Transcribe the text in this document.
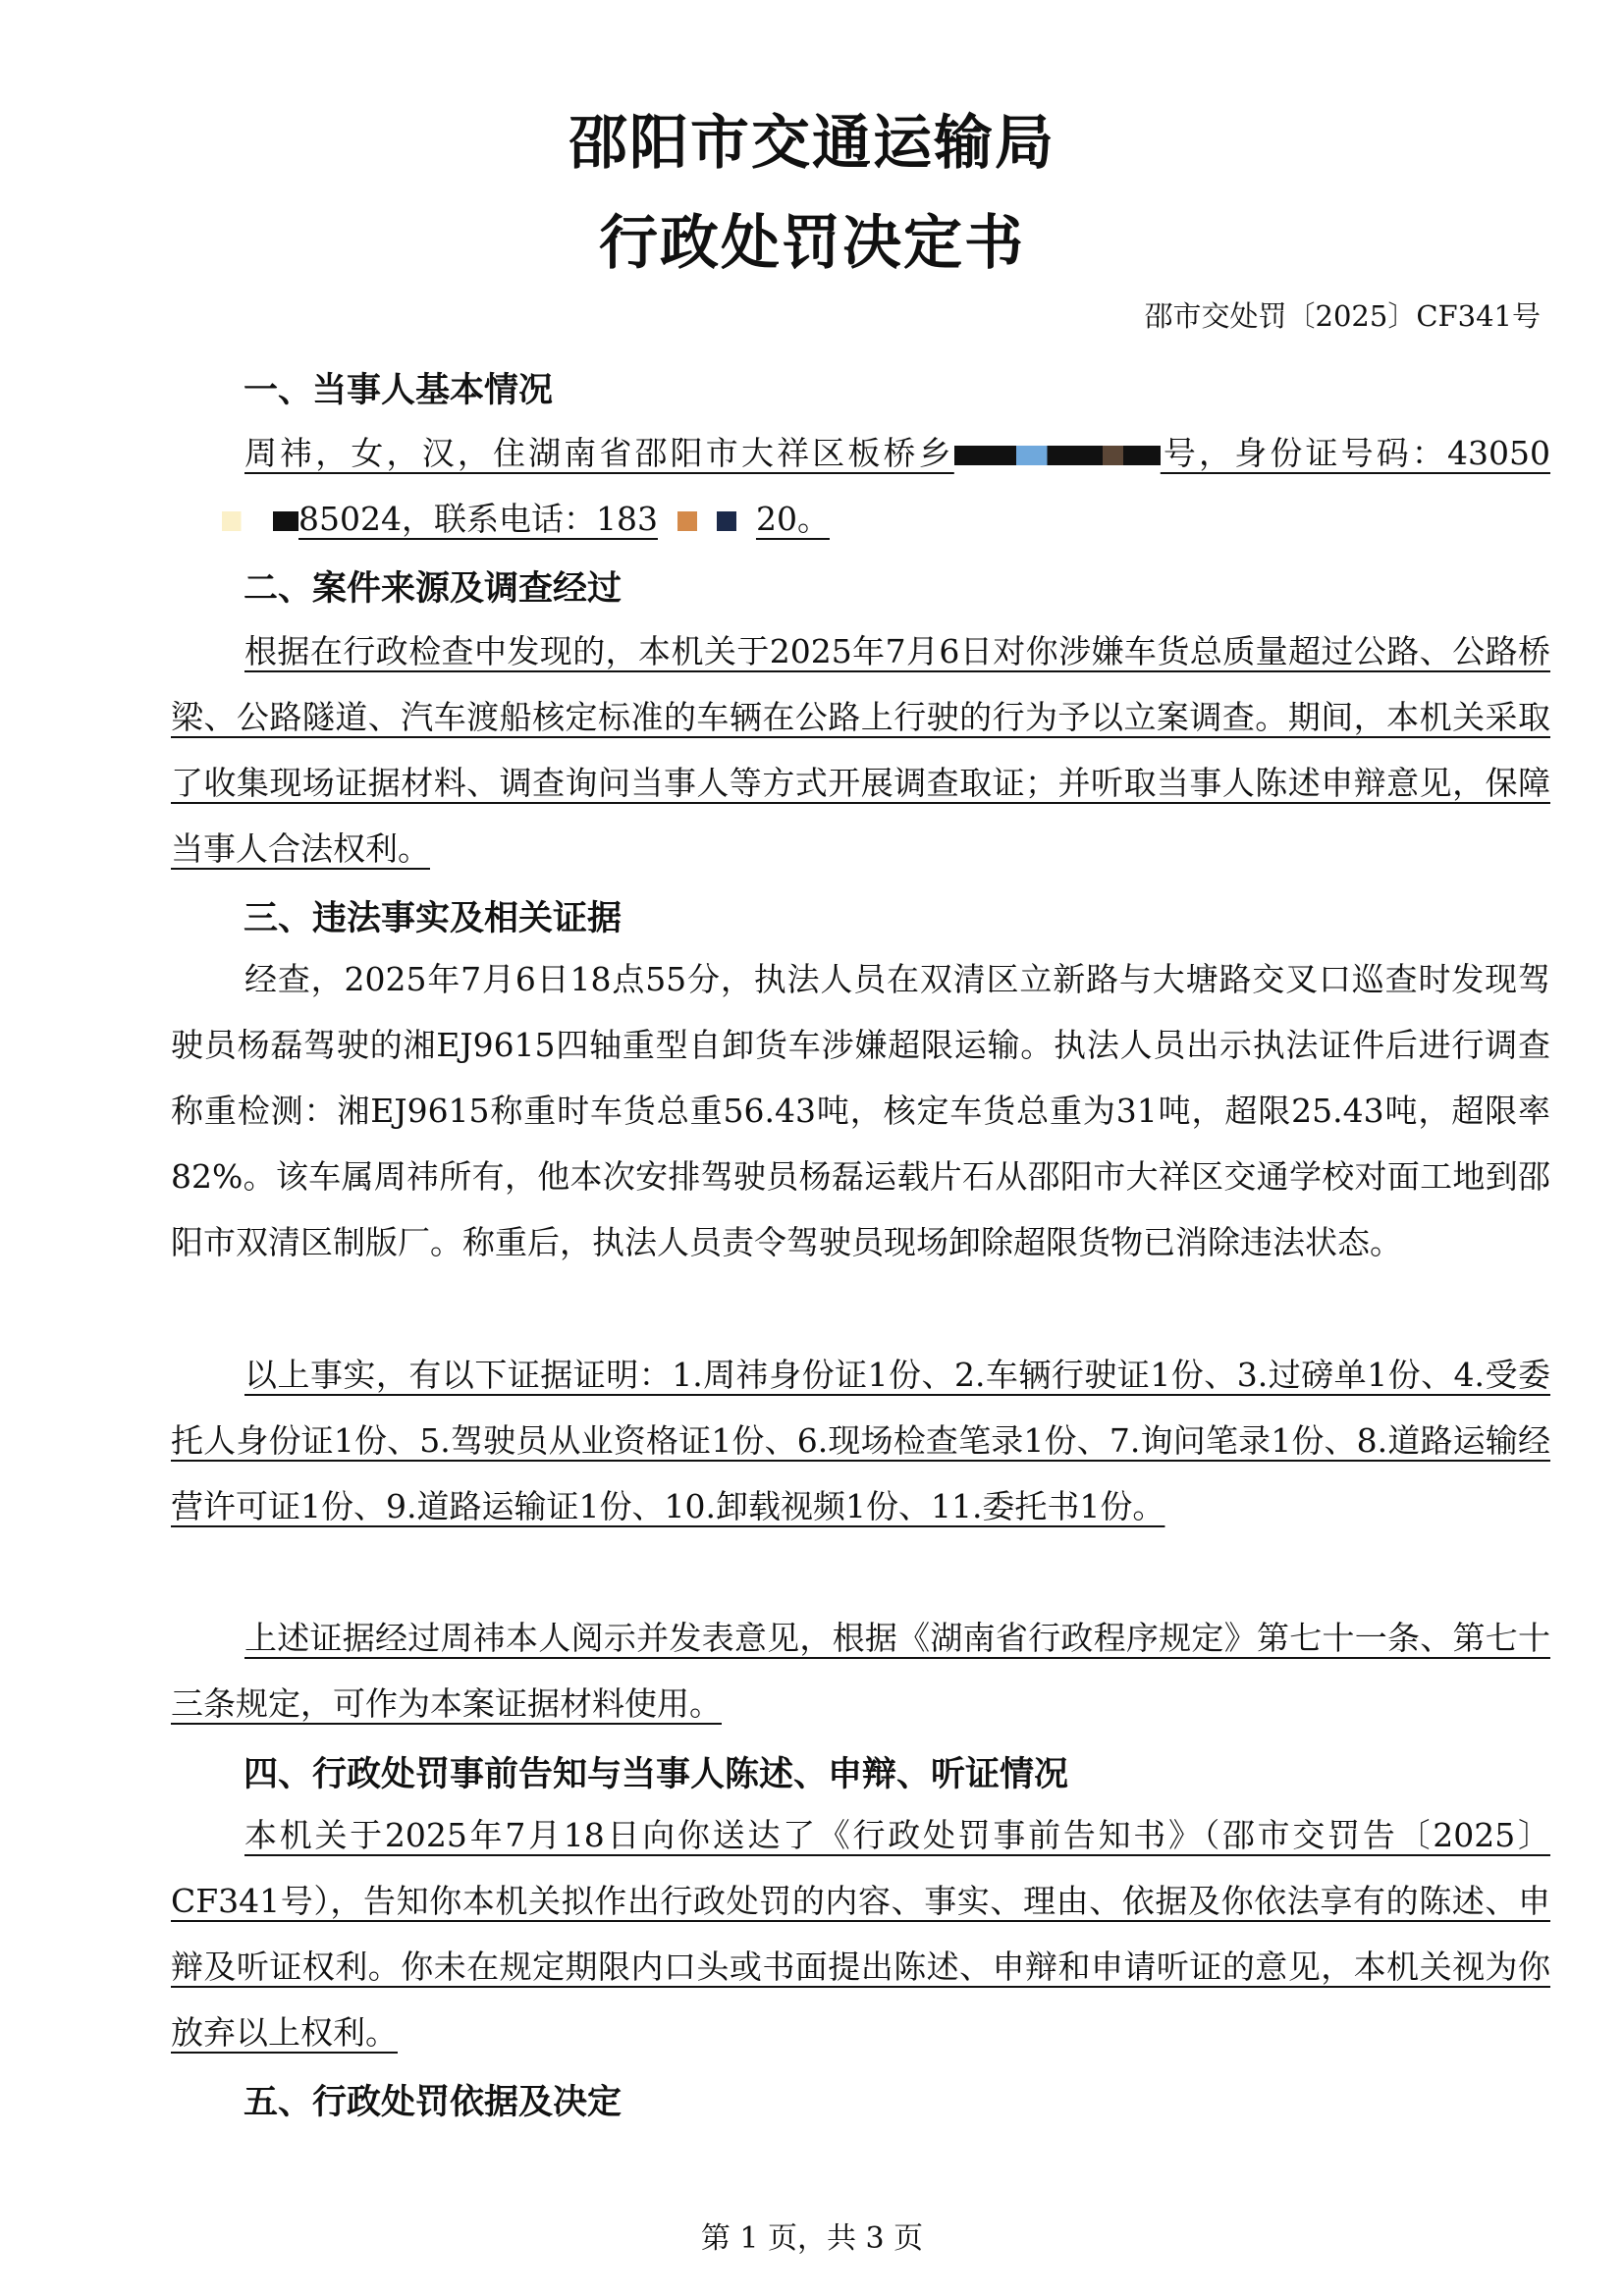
邵阳市交通运输局
行政处罚决定书
邵市交处罚〔2025〕CF341号
一、当事人基本情况

周祎，女，汉，住湖南省邵阳市大祥区板桥乡	号，身份证号码：4305085024，联系电话：183	20。

二、案件来源及调查经过

根据在行政检查中发现的，本机关于2025年7月6日对你涉嫌车货总质量超过公路、公路桥梁、公路隧道、汽车渡船核定标准的车辆在公路上行驶的行为予以立案调查。期间，本机关采取了收集现场证据材料、调查询问当事人等方式开展调查取证；并听取当事人陈述申辩意见，保障当事人合法权利。

三、违法事实及相关证据

经查，2025年7月6日18点55分，执法人员在双清区立新路与大塘路交叉口巡查时发现驾驶员杨磊驾驶的湘EJ9615四轴重型自卸货车涉嫌超限运输。执法人员出示执法证件后进行调查称重检测：湘EJ9615称重时车货总重56.43吨，核定车货总重为31吨，超限25.43吨，超限率82%。该车属周祎所有，他本次安排驾驶员杨磊运载片石从邵阳市大祥区交通学校对面工地到邵阳市双清区制版厂。称重后，执法人员责令驾驶员现场卸除超限货物已消除违法状态。

以上事实，有以下证据证明：1.周祎身份证1份、2.车辆行驶证1份、3.过磅单1份、4.受委托人身份证1份、5.驾驶员从业资格证1份、6.现场检查笔录1份、7.询问笔录1份、8.道路运输经营许可证1份、9.道路运输证1份、10.卸载视频1份、11.委托书1份。

上述证据经过周祎本人阅示并发表意见，根据《湖南省行政程序规定》第七十一条、第七十三条规定，可作为本案证据材料使用。

四、行政处罚事前告知与当事人陈述、申辩、听证情况

本机关于2025年7月18日向你送达了《行政处罚事前告知书》（邵市交罚告〔2025〕CF341号），告知你本机关拟作出行政处罚的内容、事实、理由、依据及你依法享有的陈述、申辩及听证权利。你未在规定期限内口头或书面提出陈述、申辩和申请听证的意见，本机关视为你放弃以上权利。

五、行政处罚依据及决定
第 1 页，共 3 页
